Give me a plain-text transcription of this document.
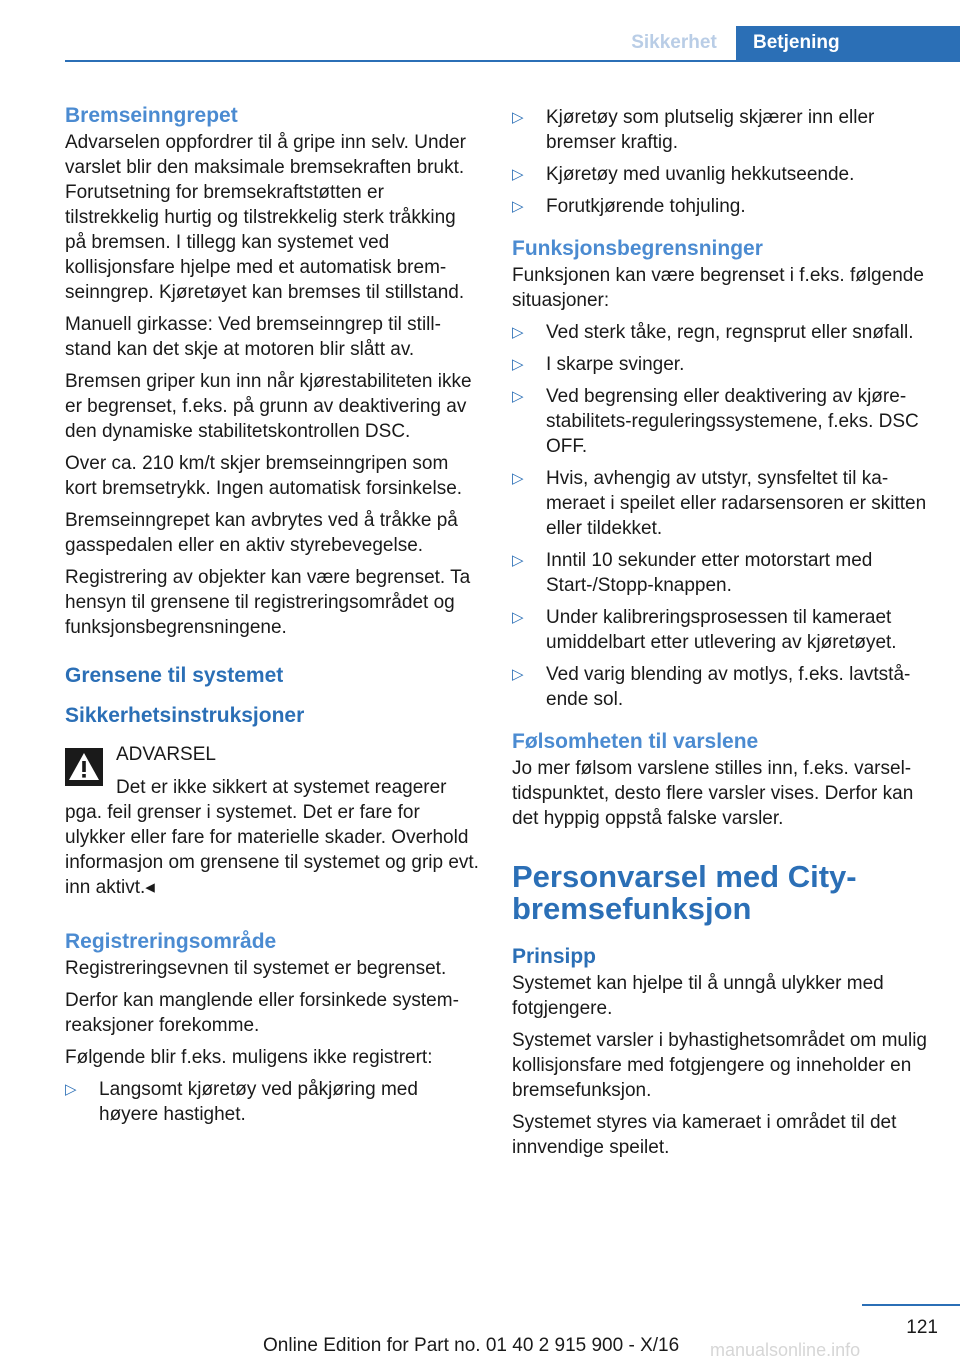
Sikkerhet	Betjening
Bremseinngrepet

Advarselen oppfordrer til å gripe inn selv. Under varslet blir den maksimale bremsekraften brukt. Forutsetning for bremsekraftstøtten er tilstrekkelig hurtig og tilstrekkelig sterk tråkking på bremsen. I tillegg kan systemet ved kollisjonsfare hjelpe med et automatisk bremseinngrep. Kjøretøyet kan bremses til stillstand.

Manuell girkasse: Ved bremseinngrep til stillstand kan det skje at motoren blir slått av.

Bremsen griper kun inn når kjørestabiliteten ikke er begrenset, f.eks. på grunn av deaktivering av den dynamiske stabilitetskontrollen DSC.

Over ca. 210 km/t skjer bremseinngripen som kort bremsetrykk. Ingen automatisk forsinkelse.

Bremseinngrepet kan avbrytes ved å tråkke på gasspedalen eller en aktiv styrebevegelse.

Registrering av objekter kan være begrenset. Ta hensyn til grensene til registreringsområdet og funksjonsbegrensningene.

Grensene til systemet
Sikkerhetsinstruksjoner

ADVARSEL

Det er ikke sikkert at systemet reagerer

pga. feil grenser i systemet. Det er fare for ulykker eller fare for materielle skader. Overhold informasjon om grensene til systemet og grip evt. inn aktivt.◂

Registreringsområde

Registreringsevnen til systemet er begrenset.

Derfor kan manglende eller forsinkede systemreaksjoner forekomme.

Følgende blir f.eks. muligens ikke registrert:

▷ Langsomt kjøretøy ved påkjøring med høyere hastighet.
▷ Kjøretøy som plutselig skjærer inn eller bremser kraftig.
▷ Kjøretøy med uvanlig hekkutseende.
▷ Forutkjørende tohjuling.
Funksjonsbegrensninger

Funksjonen kan være begrenset i f.eks. følgende situasjoner:

▷ Ved sterk tåke, regn, regnsprut eller snøfall.
▷ I skarpe svinger.
▷ Ved begrensing eller deaktivering av kjørestabilitets-reguleringssystemene, f.eks. DSC OFF.
▷ Hvis, avhengig av utstyr, synsfeltet til kameraet i speilet eller radarsensoren er skitten eller tildekket.
▷ Inntil 10 sekunder etter motorstart med Start-/Stopp-knappen.
▷ Under kalibreringsprosessen til kameraet umiddelbart etter utlevering av kjøretøyet.
▷ Ved varig blending av motlys, f.eks. lavtstående sol.
Følsomheten til varslene

Jo mer følsom varslene stilles inn, f.eks. varseltidspunktet, desto flere varsler vises. Derfor kan det hyppig oppstå falske varsler.

Personvarsel med Citybremsefunksjon
Prinsipp

Systemet kan hjelpe til å unngå ulykker med fotgjengere.

Systemet varsler i byhastighetsområdet om mulig kollisjonsfare med fotgjengere og inneholder en bremsefunksjon.

Systemet styres via kameraet i området til det innvendige speilet.

121
Online Edition for Part no. 01 40 2 915 900 - X/16 manualsonline.info
